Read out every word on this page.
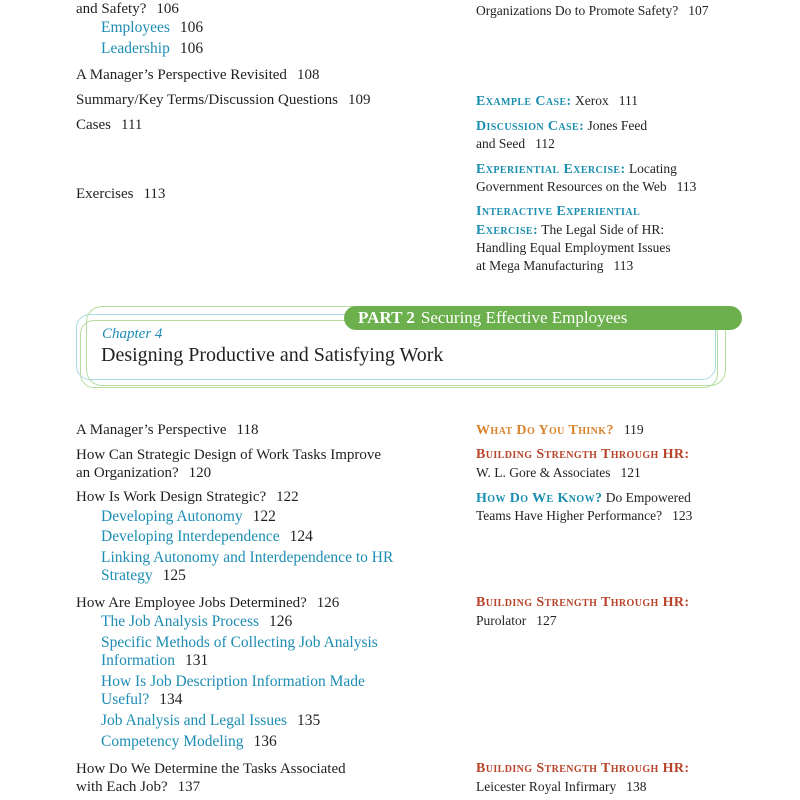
and Safety? 106
Employees 106
Leadership 106
A Manager’s Perspective Revisited 108
Summary/Key Terms/Discussion Questions 109
Cases 111
Exercises 113
Organizations Do to Promote Safety? 107
Example Case: Xerox 111
Discussion Case: Jones Feed
and Seed 112
Experiential Exercise: Locating
Government Resources on the Web 113
Interactive Experiential
Exercise: The Legal Side of HR:
Handling Equal Employment Issues
at Mega Manufacturing 113
PART 2 Securing Effective Employees
Chapter 4
Designing Productive and Satisfying Work
A Manager’s Perspective 118
How Can Strategic Design of Work Tasks Improve
an Organization? 120
How Is Work Design Strategic? 122
Developing Autonomy 122
Developing Interdependence 124
Linking Autonomy and Interdependence to HR
Strategy 125
How Are Employee Jobs Determined? 126
The Job Analysis Process 126
Specific Methods of Collecting Job Analysis
Information 131
How Is Job Description Information Made
Useful? 134
Job Analysis and Legal Issues 135
Competency Modeling 136
How Do We Determine the Tasks Associated
with Each Job? 137
What Do You Think? 119
Building Strength Through HR:
W. L. Gore & Associates 121
How Do We Know? Do Empowered
Teams Have Higher Performance? 123
Building Strength Through HR:
Purolator 127
Building Strength Through HR:
Leicester Royal Infirmary 138
